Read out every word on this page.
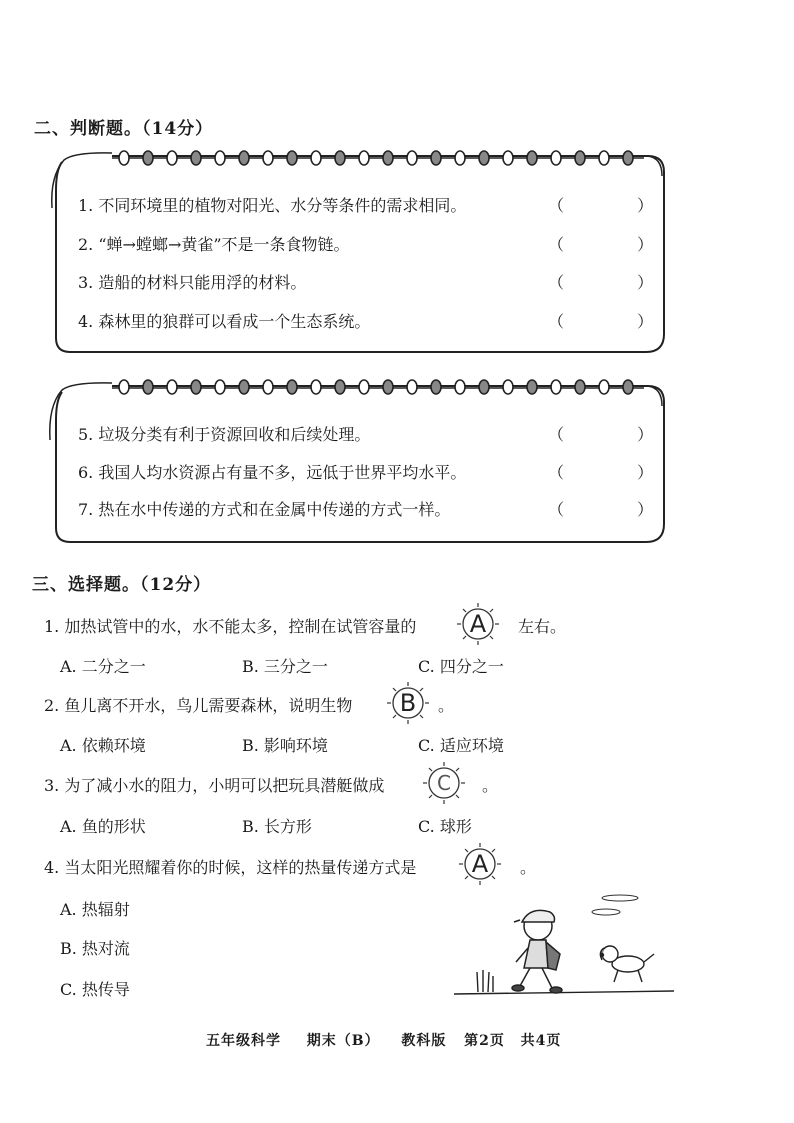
二、判断题。（14分）
1. 不同环境里的植物对阳光、水分等条件的需求相同。	（ ）
2. “蝉→螳螂→黄雀”不是一条食物链。	（ ）
3. 造船的材料只能用浮的材料。	（ ）
4. 森林里的狼群可以看成一个生态系统。	（ ）
5. 垃圾分类有利于资源回收和后续处理。	（ ）
6. 我国人均水资源占有量不多，远低于世界平均水平。	（ ）
7. 热在水中传递的方式和在金属中传递的方式一样。	（ ）
三、选择题。（12分）
1. 加热试管中的水，水不能太多，控制在试管容量的	A	左右。
A. 二分之一	B. 三分之一	C. 四分之一
2. 鱼儿离不开水，鸟儿需要森林，说明生物	B	。
A. 依赖环境	B. 影响环境	C. 适应环境
3. 为了减小水的阻力，小明可以把玩具潜艇做成	C	。
A. 鱼的形状	B. 长方形	C. 球形
4. 当太阳光照耀着你的时候，这样的热量传递方式是	A	。
A. 热辐射
B. 热对流
C. 热传导
五年级科学 期末（B） 教科版 第2页 共4页
